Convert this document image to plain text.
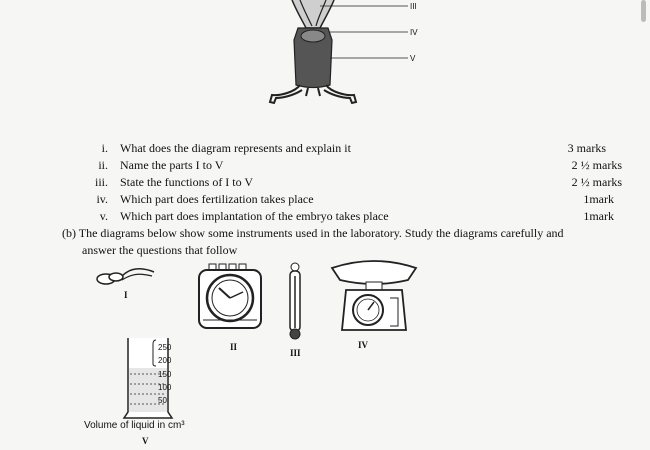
III
IV
V
i. What does the diagram represents and explain it	3 marks
ii. Name the parts I to V	2 ½ marks
iii. State the functions of I to V	2 ½ marks
iv. Which part does fertilization takes place	1mark
v. Which part does implantation of the embryo takes place	1mark
(b) The diagrams below show some instruments used in the laboratory. Study the diagrams carefully and
answer the questions that follow
I
II
III
IV
250
200
150
100
50
Volume of liquid in cm³
V
